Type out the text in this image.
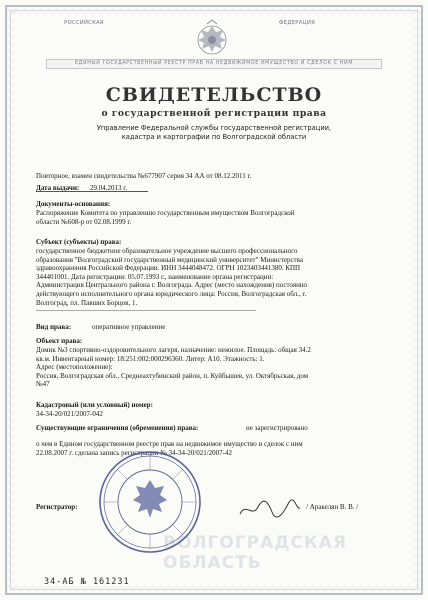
РОССИЙСКАЯ	ФЕДЕРАЦИЯ
ЕДИНЫЙ ГОСУДАРСТВЕННЫЙ РЕЕСТР ПРАВ НА НЕДВИЖИМОЕ ИМУЩЕСТВО И СДЕЛОК С НИМ
СВИДЕТЕЛЬСТВО
о государственной регистрации права
Управление Федеральной службы государственной регистрации,
кадастра и картографии по Волгоградской области
Повторное, взамен свидетельства №677907 серия 34 АА от 08.12.2011 г.
Дата выдачи: 29.04.2013 г.
Документы-основания:
Распоряжение Комитета по управлению государственным имуществом Волгоградской
области №608-р от 02.08.1999 г.
Субъект (субъекты) права:
государственное бюджетное образовательное учреждение высшего профессионального
образования "Волгоградский государственный медицинский университет" Министерства
здравоохранения Российской Федерации. ИНН 3444048472. ОГРН 1023403441380. КПП
344401001. Дата регистрации: 05.07.1993 г., наименование органа регистрации:
Администрация Центрального района г. Волгограда. Адрес (место нахождения) постоянно
действующего исполнительного органа юридического лица: Россия, Волгоградская обл., г.
Волгоград, пл. Павших Борцов, 1.
Вид права:	оперативное управление
Объект права:
Домик №3 спортивно-оздоровительного лагеря, назначение: нежилое. Площадь: общая 34.2
кв.м. Инвентарный номер: 18:251:002:000296360. Литер: А10. Этажность: 1.
Адрес (местоположение):
Россия, Волгоградская обл., Среднеахтубинский район, п. Куйбышев, ул. Октябрьская, дом
№47
Кадастровый (или условный) номер:
34-34-20/021/2007-042
Существующие ограничения (обременения) права:	не зарегистрировано
о чем в Едином государственном реестре прав на недвижимое имущество и сделок с ним
22.08.2007 г. сделана запись регистрации № 34-34-20/021/2007-42
ВОЛГОГРАДСКАЯ ОБЛАСТЬ
Регистратор:	/ Аракелян В. В. /
34-АБ № 161231
